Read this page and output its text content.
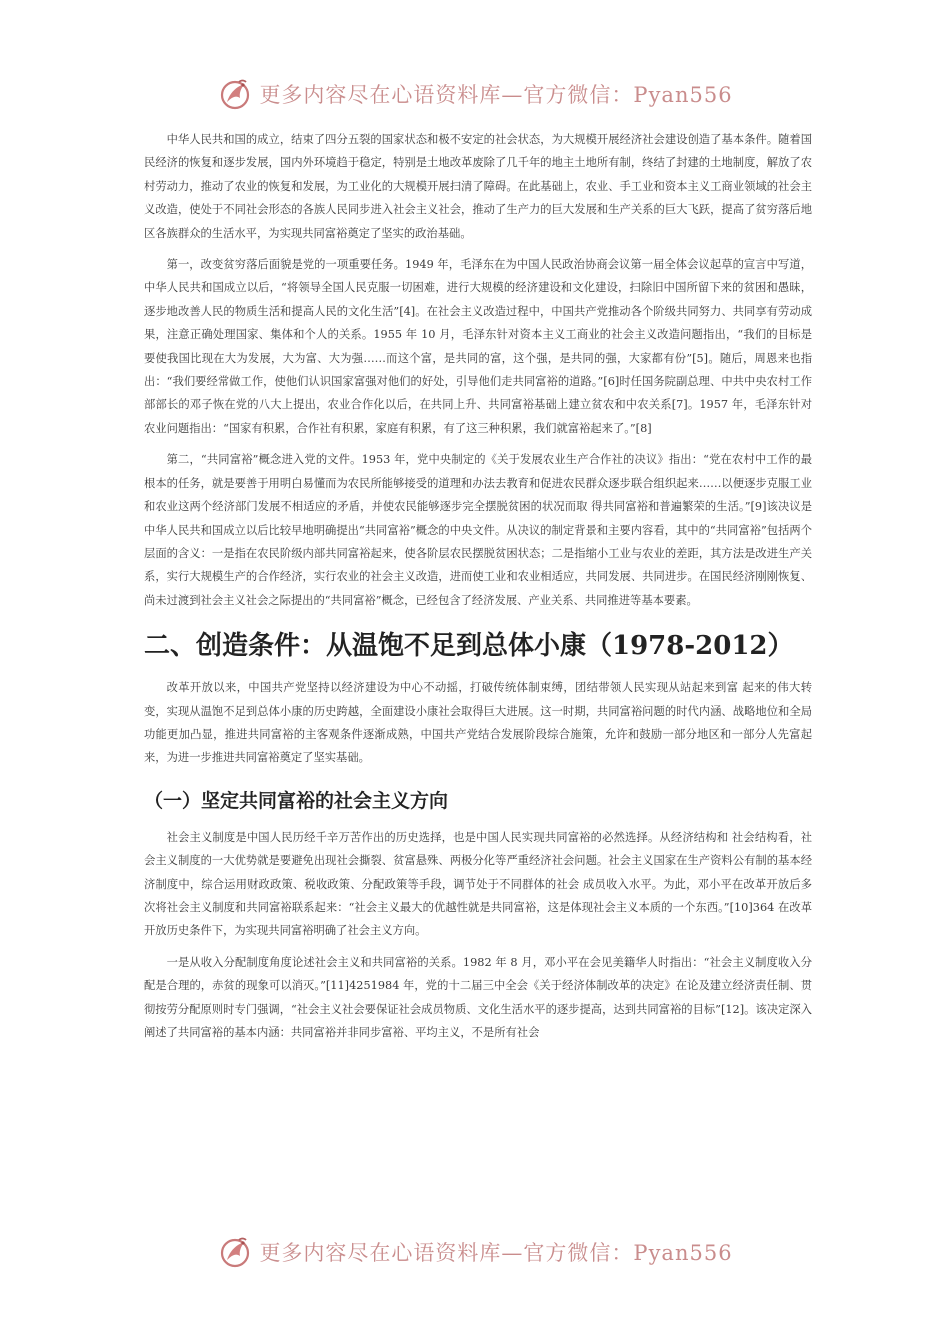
更多内容尽在心语资料库—官方微信：Pyan556

中华人民共和国的成立，结束了四分五裂的国家状态和极不安定的社会状态，为大规模开展经济社会建设创造了基本条件。随着国民经济的恢复和逐步发展，国内外环境趋于稳定，特别是土地改革废除了几千年的地主土地所有制，终结了封建的土地制度，解放了农村劳动力，推动了农业的恢复和发展，为工业化的大规模开展扫清了障碍。在此基础上，农业、手工业和资本主义工商业领域的社会主义改造，使处于不同社会形态的各族人民同步进入社会主义社会，推动了生产力的巨大发展和生产关系的巨大飞跃，提高了贫穷落后地区各族群众的生活水平，为实现共同富裕奠定了坚实的政治基础。

第一，改变贫穷落后面貌是党的一项重要任务。1949 年，毛泽东在为中国人民政治协商会议第一届全体会议起草的宣言中写道，中华人民共和国成立以后，“将领导全国人民克服一切困难，进行大规模的经济建设和文化建设，扫除旧中国所留下来的贫困和愚昧，逐步地改善人民的物质生活和提高人民的文化生活”[4]。在社会主义改造过程中，中国共产党推动各个阶级共同努力、共同享有劳动成果，注意正确处理国家、集体和个人的关系。1955 年 10 月，毛泽东针对资本主义工商业的社会主义改造问题指出，“我们的目标是要使我国比现在大为发展，大为富、大为强……而这个富，是共同的富，这个强，是共同的强，大家都有份”[5]。随后，周恩来也指出：“我们要经常做工作，使他们认识国家富强对他们的好处，引导他们走共同富裕的道路。”[6]时任国务院副总理、中共中央农村工作部部长的邓子恢在党的八大上提出，农业合作化以后，在共同上升、共同富裕基础上建立贫农和中农关系[7]。1957 年，毛泽东针对农业问题指出：“国家有积累，合作社有积累，家庭有积累，有了这三种积累，我们就富裕起来了。”[8]

第二，“共同富裕”概念进入党的文件。1953 年，党中央制定的《关于发展农业生产合作社的决议》指出：“党在农村中工作的最根本的任务，就是要善于用明白易懂而为农民所能够接受的道理和办法去教育和促进农民群众逐步联合组织起来……以便逐步克服工业和农业这两个经济部门发展不相适应的矛盾，并使农民能够逐步完全摆脱贫困的状况而取 得共同富裕和普遍繁荣的生活。”[9]该决议是中华人民共和国成立以后比较早地明确提出“共同富裕”概念的中央文件。从决议的制定背景和主要内容看，其中的“共同富裕”包括两个层面的含义：一是指在农民阶级内部共同富裕起来，使各阶层农民摆脱贫困状态；二是指缩小工业与农业的差距，其方法是改进生产关系，实行大规模生产的合作经济，实行农业的社会主义改造，进而使工业和农业相适应，共同发展、共同进步。在国民经济刚刚恢复、尚未过渡到社会主义社会之际提出的“共同富裕”概念，已经包含了经济发展、产业关系、共同推进等基本要素。

二、创造条件：从温饱不足到总体小康（1978-2012）

改革开放以来，中国共产党坚持以经济建设为中心不动摇，打破传统体制束缚，团结带领人民实现从站起来到富 起来的伟大转变，实现从温饱不足到总体小康的历史跨越，全面建设小康社会取得巨大进展。这一时期，共同富裕问题的时代内涵、战略地位和全局功能更加凸显，推进共同富裕的主客观条件逐渐成熟，中国共产党结合发展阶段综合施策，允许和鼓励一部分地区和一部分人先富起来，为进一步推进共同富裕奠定了坚实基础。

（一）坚定共同富裕的社会主义方向

社会主义制度是中国人民历经千辛万苦作出的历史选择，也是中国人民实现共同富裕的必然选择。从经济结构和 社会结构看，社会主义制度的一大优势就是要避免出现社会撕裂、贫富悬殊、两极分化等严重经济社会问题。社会主义国家在生产资料公有制的基本经济制度中，综合运用财政政策、税收政策、分配政策等手段，调节处于不同群体的社会 成员收入水平。为此，邓小平在改革开放后多次将社会主义制度和共同富裕联系起来：“社会主义最大的优越性就是共同富裕，这是体现社会主义本质的一个东西。”[10]364 在改革开放历史条件下，为实现共同富裕明确了社会主义方向。

一是从收入分配制度角度论述社会主义和共同富裕的关系。1982 年 8 月，邓小平在会见美籍华人时指出：“社会主义制度收入分配是合理的，赤贫的现象可以消灭。”[11]4251984 年，党的十二届三中全会《关于经济体制改革的决定》在论及建立经济责任制、贯彻按劳分配原则时专门强调，“社会主义社会要保证社会成员物质、文化生活水平的逐步提高，达到共同富裕的目标”[12]。该决定深入阐述了共同富裕的基本内涵：共同富裕并非同步富裕、平均主义，不是所有社会

更多内容尽在心语资料库—官方微信：Pyan556
